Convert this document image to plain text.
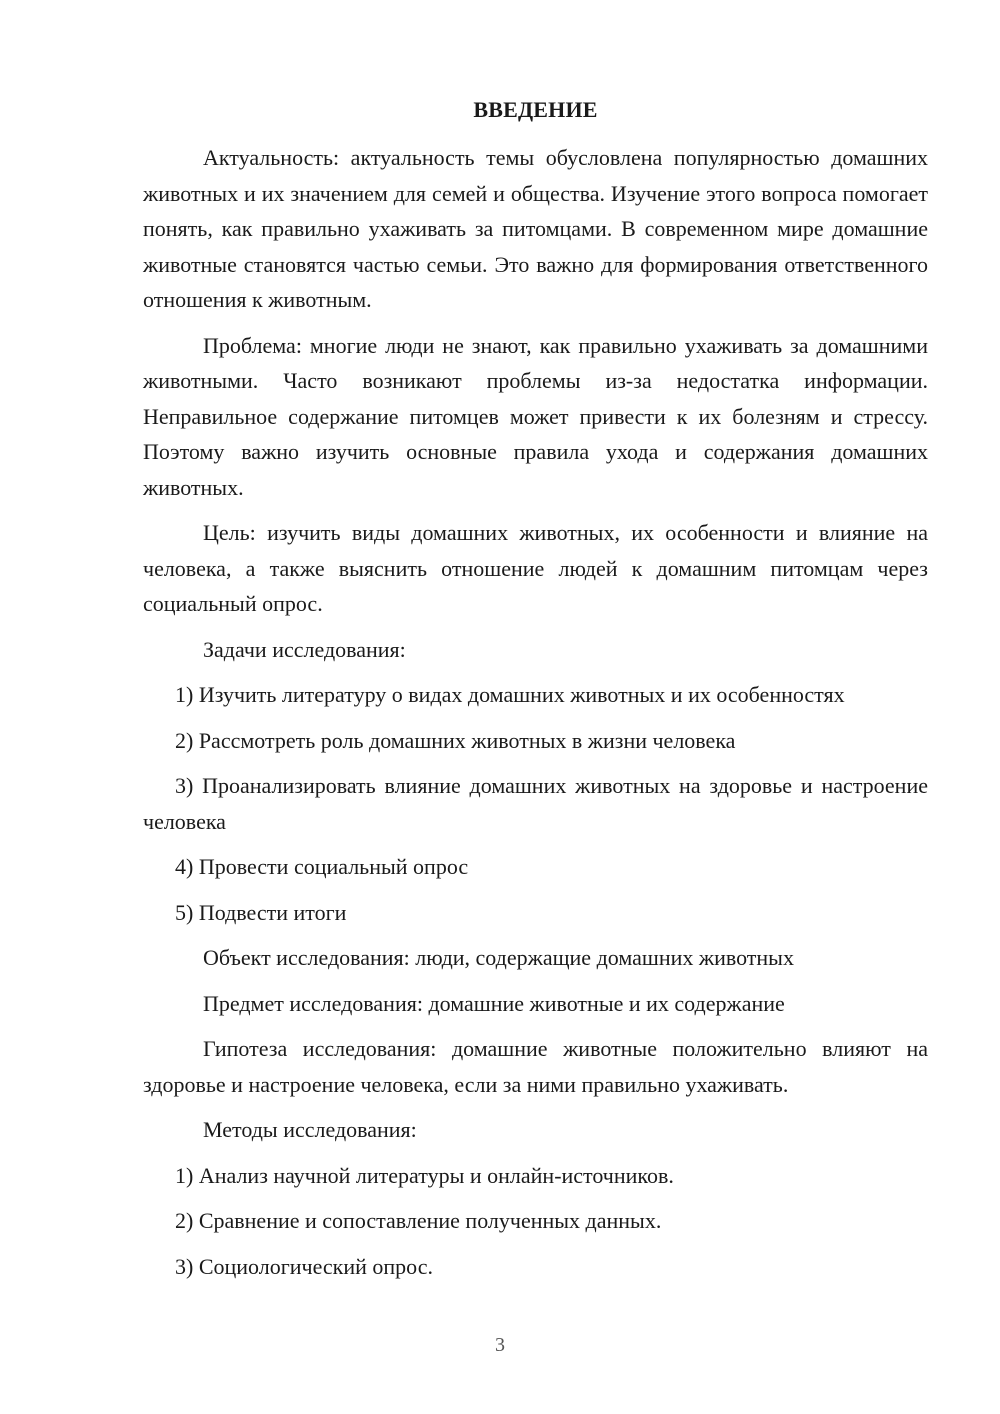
ВВЕДЕНИЕ

Актуальность: актуальность темы обусловлена популярностью домашних животных и их значением для семей и общества. Изучение этого вопроса помогает понять, как правильно ухаживать за питомцами. В современном мире домашние животные становятся частью семьи. Это важно для формирования ответственного отношения к животным.

Проблема: многие люди не знают, как правильно ухаживать за домашними животными. Часто возникают проблемы из-за недостатка информации. Неправильное содержание питомцев может привести к их болезням и стрессу. Поэтому важно изучить основные правила ухода и содержания домашних животных.

Цель: изучить виды домашних животных, их особенности и влияние на человека, а также выяснить отношение людей к домашним питомцам через социальный опрос.

Задачи исследования:

1) Изучить литературу о видах домашних животных и их особенностях

2) Рассмотреть роль домашних животных в жизни человека

3) Проанализировать влияние домашних животных на здоровье и настроение человека

4) Провести социальный опрос

5) Подвести итоги

Объект исследования: люди, содержащие домашних животных

Предмет исследования: домашние животные и их содержание

Гипотеза исследования: домашние животные положительно влияют на здоровье и настроение человека, если за ними правильно ухаживать.

Методы исследования:

1) Анализ научной литературы и онлайн-источников.

2) Сравнение и сопоставление полученных данных.

3) Социологический опрос.

3
